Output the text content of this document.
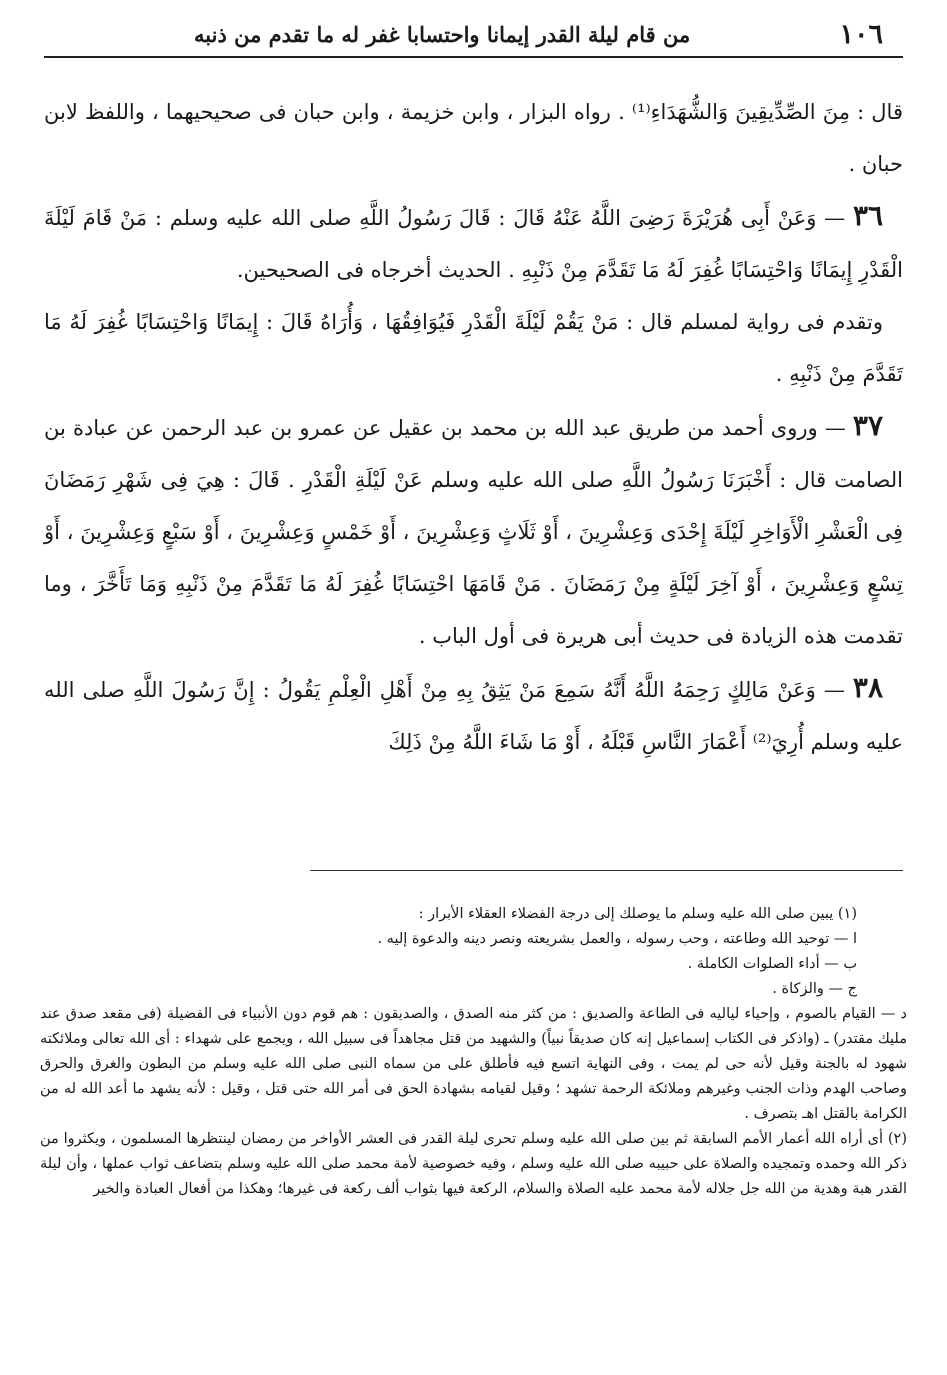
١٠٦
من قام ليلة القدر إيمانا واحتسابا غفر له ما تقدم من ذنبه

قال : مِنَ الصِّدِّيقِينَ وَالشُّهَدَاءِ⁽¹⁾ . رواه البزار ، وابن خزيمة ، وابن حبان فى صحيحيهما ، واللفظ لابن حبان .

٣٦ — وَعَنْ أَبِى هُرَيْرَةَ رَضِىَ اللَّهُ عَنْهُ قَالَ : قَالَ رَسُولُ اللَّهِ صلى الله عليه وسلم : مَنْ قَامَ لَيْلَةَ الْقَدْرِ إِيمَانًا وَاحْتِسَابًا غُفِرَ لَهُ مَا تَقَدَّمَ مِنْ ذَنْبِهِ . الحديث أخرجاه فى الصحيحين.

وتقدم فى رواية لمسلم قال : مَنْ يَقُمْ لَيْلَةَ الْقَدْرِ فَيُوَافِقُهَا ، وَأُرَاهُ قَالَ : إِيمَانًا وَاحْتِسَابًا غُفِرَ لَهُ مَا تَقَدَّمَ مِنْ ذَنْبِهِ .

٣٧ — وروى أحمد من طريق عبد الله بن محمد بن عقيل عن عمرو بن عبد الرحمن عن عبادة بن الصامت قال : أَخْبَرَنَا رَسُولُ اللَّهِ صلى الله عليه وسلم عَنْ لَيْلَةِ الْقَدْرِ . قَالَ : هِيَ فِى شَهْرِ رَمَضَانَ فِى الْعَشْرِ الْأَوَاخِرِ لَيْلَةَ إِحْدَى وَعِشْرِينَ ، أَوْ ثَلَاثٍ وَعِشْرِينَ ، أَوْ خَمْسٍ وَعِشْرِينَ ، أَوْ سَبْعٍ وَعِشْرِينَ ، أَوْ تِسْعٍ وَعِشْرِينَ ، أَوْ آخِرَ لَيْلَةٍ مِنْ رَمَضَانَ . مَنْ قَامَهَا احْتِسَابًا غُفِرَ لَهُ مَا تَقَدَّمَ مِنْ ذَنْبِهِ وَمَا تَأَخَّرَ ، وما تقدمت هذه الزيادة فى حديث أبى هريرة فى أول الباب .

٣٨ — وَعَنْ مَالِكٍ رَحِمَهُ اللَّهُ أَنَّهُ سَمِعَ مَنْ يَثِقُ بِهِ مِنْ أَهْلِ الْعِلْمِ يَقُولُ : إِنَّ رَسُولَ اللَّهِ صلى الله عليه وسلم أُرِيَ⁽²⁾ أَعْمَارَ النَّاسِ قَبْلَهُ ، أَوْ مَا شَاءَ اللَّهُ مِنْ ذَلِكَ

(١) يبين صلى الله عليه وسلم ما يوصلك إلى درجة الفضلاء العقلاء الأبرار :

ا — توحيد الله وطاعته ، وحب رسوله ، والعمل بشريعته ونصر دينه والدعوة إليه .

ب — أداء الصلوات الكاملة .

ج — والزكاة .

د — القيام بالصوم ، وإحياء لياليه فى الطاعة والصديق : من كثر منه الصدق ، والصديقون : هم قوم دون الأنبياء فى الفضيلة (فى مقعد صدق عند مليك مقتدر) ـ (واذكر فى الكتاب إسماعيل إنه كان صديقاً نبياً) والشهيد من قتل مجاهداً فى سبيل الله ، ويجمع على شهداء : أى الله تعالى وملائكته شهود له بالجنة وقيل لأنه حى لم يمت ، وفى النهاية اتسع فيه فأطلق على من سماه النبى صلى الله عليه وسلم من البطون والغرق والحرق وصاحب الهدم وذات الجنب وغيرهم وملائكة الرحمة تشهد ؛ وقيل لقيامه بشهادة الحق فى أمر الله حتى قتل ، وقيل : لأنه يشهد ما أعد الله له من الكرامة بالقتل اهـ بتصرف .

(٢) أى أراه الله أعمار الأمم السابقة ثم بين صلى الله عليه وسلم تحرى ليلة القدر فى العشر الأواخر من رمضان لينتظرها المسلمون ، ويكثروا من ذكر الله وحمده وتمجيده والصلاة على حبيبه صلى الله عليه وسلم ، وفيه خصوصية لأمة محمد صلى الله عليه وسلم بتضاعف ثواب عملها ، وأن ليلة القدر هبة وهدية من الله جل جلاله لأمة محمد عليه الصلاة والسلام، الركعة فيها بثواب ألف ركعة فى غيرها؛ وهكذا من أفعال العبادة والخير
